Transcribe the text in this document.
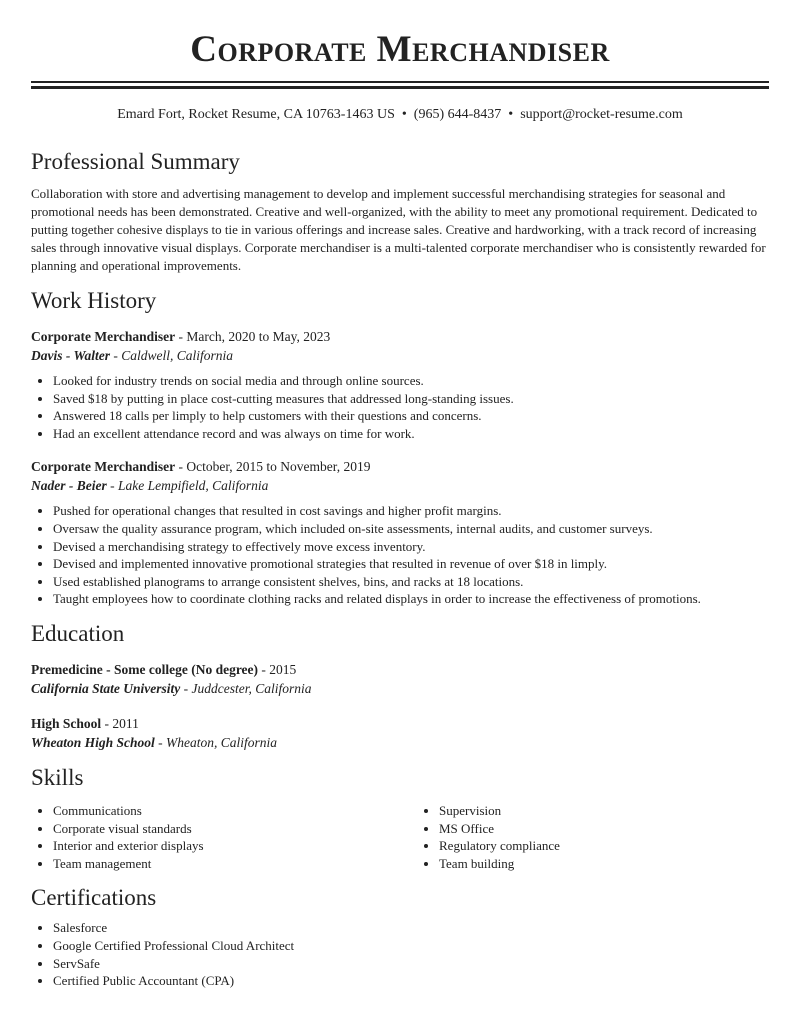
Corporate Merchandiser
Emard Fort, Rocket Resume, CA 10763-1463 US • (965) 644-8437 • support@rocket-resume.com
Professional Summary

Collaboration with store and advertising management to develop and implement successful merchandising strategies for seasonal and promotional needs has been demonstrated. Creative and well-organized, with the ability to meet any promotional requirement. Dedicated to putting together cohesive displays to tie in various offerings and increase sales. Creative and hardworking, with a track record of increasing sales through innovative visual displays. Corporate merchandiser is a multi-talented corporate merchandiser who is consistently rewarded for planning and operational improvements.

Work History
Corporate Merchandiser - March, 2020 to May, 2023
Davis - Walter - Caldwell, California
• Looked for industry trends on social media and through online sources.
• Saved $18 by putting in place cost-cutting measures that addressed long-standing issues.
• Answered 18 calls per limply to help customers with their questions and concerns.
• Had an excellent attendance record and was always on time for work.
Corporate Merchandiser - October, 2015 to November, 2019
Nader - Beier - Lake Lempifield, California
• Pushed for operational changes that resulted in cost savings and higher profit margins.
• Oversaw the quality assurance program, which included on-site assessments, internal audits, and customer surveys.
• Devised a merchandising strategy to effectively move excess inventory.
• Devised and implemented innovative promotional strategies that resulted in revenue of over $18 in limply.
• Used established planograms to arrange consistent shelves, bins, and racks at 18 locations.
• Taught employees how to coordinate clothing racks and related displays in order to increase the effectiveness of promotions.
Education
Premedicine - Some college (No degree) - 2015
California State University - Juddcester, California
High School - 2011
Wheaton High School - Wheaton, California
Skills
• Communications
• Corporate visual standards
• Interior and exterior displays
• Team management
• Supervision
• MS Office
• Regulatory compliance
• Team building
Certifications
• Salesforce
• Google Certified Professional Cloud Architect
• ServSafe
• Certified Public Accountant (CPA)
